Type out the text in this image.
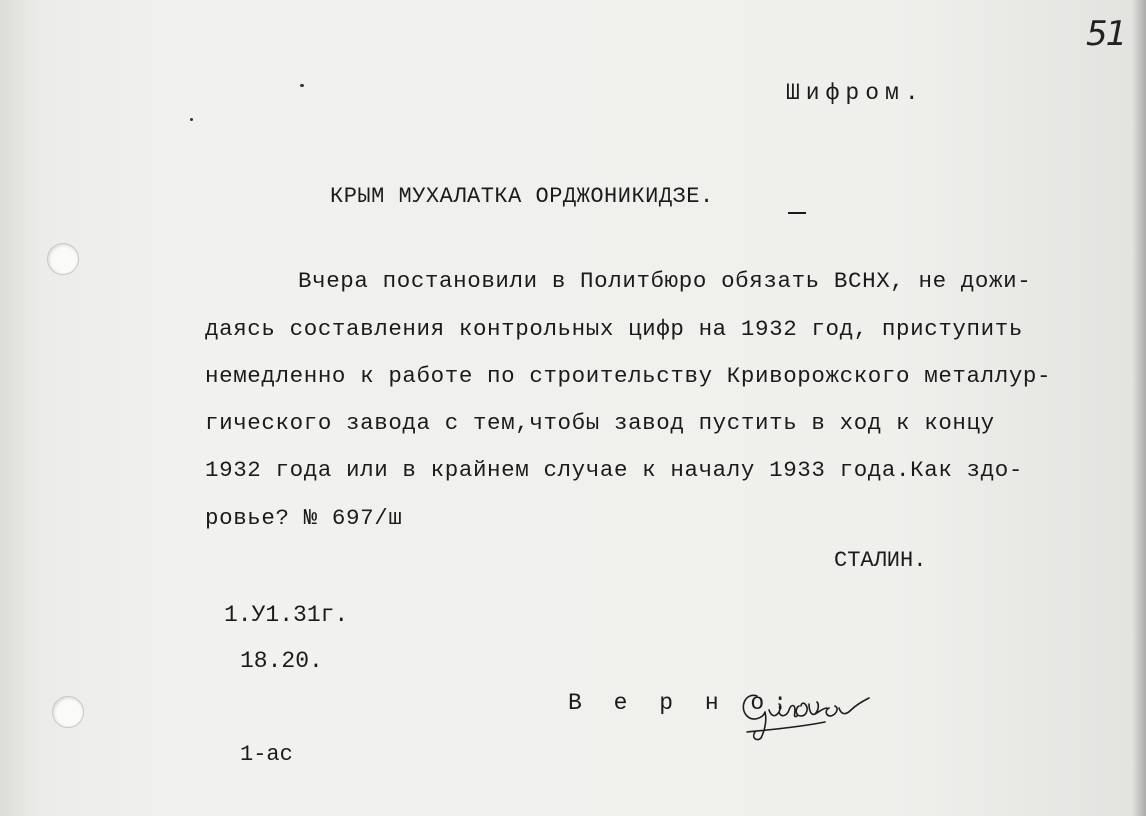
51
Шифром.
КРЫМ МУХАЛАТКА ОРДЖОНИКИДЗЕ.
Вчера постановили в Политбюро обязать ВСНХ, не дожи-
даясь составления контрольных цифр на 1932 год, приступить
немедленно к работе по строительству Криворожского металлур-
гического завода с тем,чтобы завод пустить в ход к концу
1932 года или в крайнем случае к началу 1933 года.Как здо-
ровье? № 697/ш
СТАЛИН.
1.У1.31г.
18.20.
В е р н о:
1-ас
